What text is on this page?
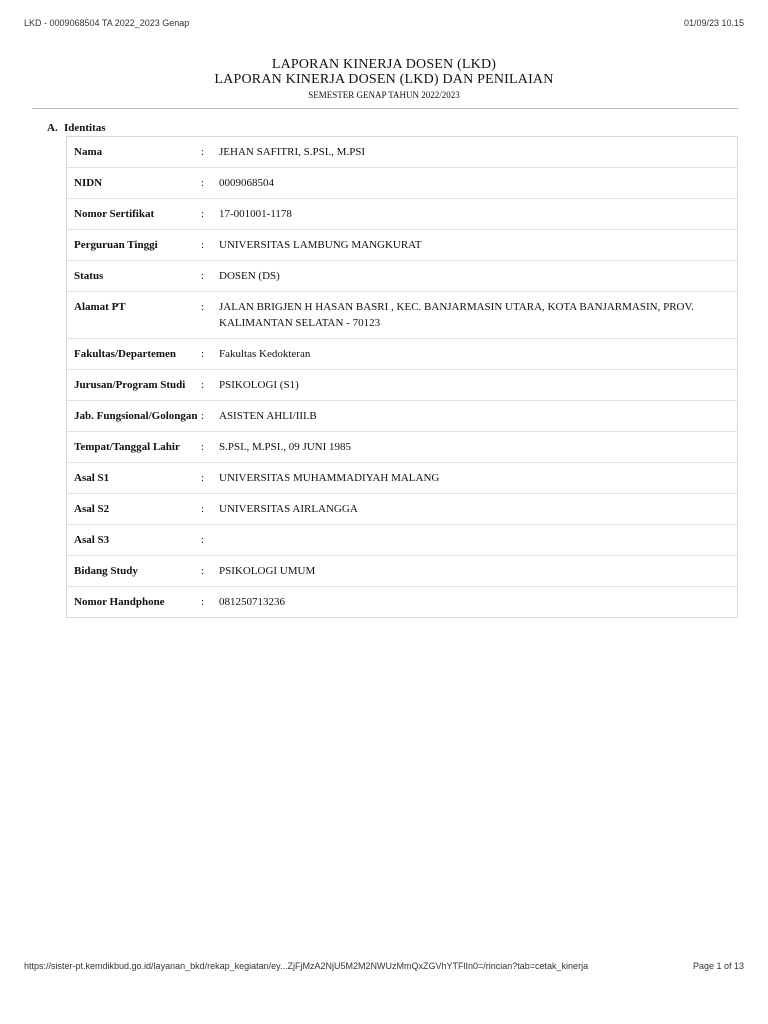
LKD - 0009068504 TA 2022_2023 Genap	01/09/23 10.15
LAPORAN KINERJA DOSEN (LKD)
LAPORAN KINERJA DOSEN (LKD) DAN PENILAIAN
SEMESTER GENAP TAHUN 2022/2023
A. Identitas
Nama	:	JEHAN SAFITRI, S.PSI., M.PSI
NIDN	:	0009068504
Nomor Sertifikat	:	17-001001-1178
Perguruan Tinggi	:	UNIVERSITAS LAMBUNG MANGKURAT
Status	:	DOSEN (DS)
Alamat PT	:	JALAN BRIGJEN H HASAN BASRI , KEC. BANJARMASIN UTARA, KOTA BANJARMASIN, PROV. KALIMANTAN SELATAN - 70123
Fakultas/Departemen	:	Fakultas Kedokteran
Jurusan/Program Studi	:	PSIKOLOGI (S1)
Jab. Fungsional/Golongan :	ASISTEN AHLI/III.B
Tempat/Tanggal Lahir	:	S.PSI., M.PSI., 09 JUNI 1985
Asal S1	:	UNIVERSITAS MUHAMMADIYAH MALANG
Asal S2	:	UNIVERSITAS AIRLANGGA
Asal S3	:
Bidang Study	:	PSIKOLOGI UMUM
Nomor Handphone	:	081250713236
https://sister-pt.kemdikbud.go.id/layanan_bkd/rekap_kegiatan/ey...ZjFjMzA2NjU5M2M2NWUzMmQxZGVhYTFlIn0=/rincian?tab=cetak_kinerja	Page 1 of 13
